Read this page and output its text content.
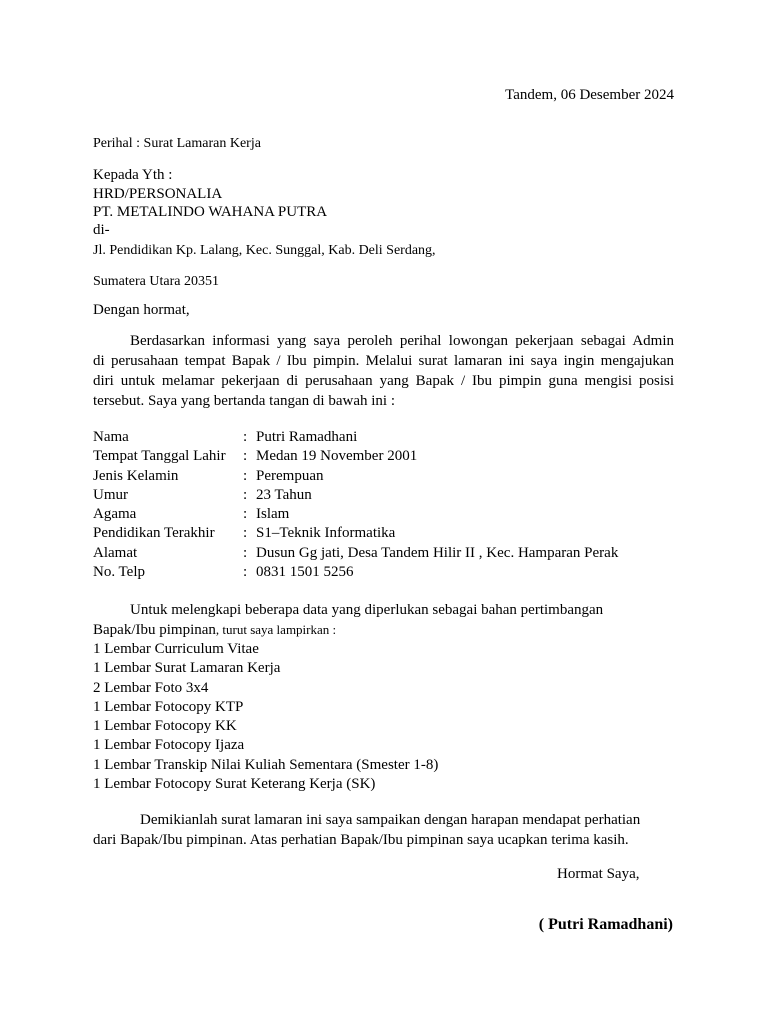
Tandem, 06 Desember 2024
Perihal : Surat Lamaran Kerja
Kepada Yth :
HRD/PERSONALIA
PT. METALINDO WAHANA PUTRA
di-
Jl. Pendidikan Kp. Lalang, Kec. Sunggal, Kab. Deli Serdang,
Sumatera Utara 20351
Dengan hormat,
Berdasarkan informasi yang saya peroleh perihal lowongan pekerjaan sebagai Admin
di perusahaan tempat Bapak / Ibu pimpin. Melalui surat lamaran ini saya ingin mengajukan
diri untuk melamar pekerjaan di perusahaan yang Bapak / Ibu pimpin guna mengisi posisi
tersebut. Saya yang bertanda tangan di bawah ini :
Nama	: Putri Ramadhani
Tempat Tanggal Lahir	: Medan 19 November 2001
Jenis Kelamin	: Perempuan
Umur	: 23 Tahun
Agama	: Islam
Pendidikan Terakhir	: S1–Teknik Informatika
Alamat	: Dusun Gg jati, Desa Tandem Hilir II , Kec. Hamparan Perak
No. Telp	: 0831 1501 5256
Untuk melengkapi beberapa data yang diperlukan sebagai bahan pertimbangan
Bapak/Ibu pimpinan, turut saya lampirkan :
1 Lembar Curriculum Vitae
1 Lembar Surat Lamaran Kerja
2 Lembar Foto 3x4
1 Lembar Fotocopy KTP
1 Lembar Fotocopy KK
1 Lembar Fotocopy Ijaza
1 Lembar Transkip Nilai Kuliah Sementara (Smester 1-8)
1 Lembar Fotocopy Surat Keterang Kerja (SK)
Demikianlah surat lamaran ini saya sampaikan dengan harapan mendapat perhatian
dari Bapak/Ibu pimpinan. Atas perhatian Bapak/Ibu pimpinan saya ucapkan terima kasih.
Hormat Saya,
( Putri Ramadhani)
